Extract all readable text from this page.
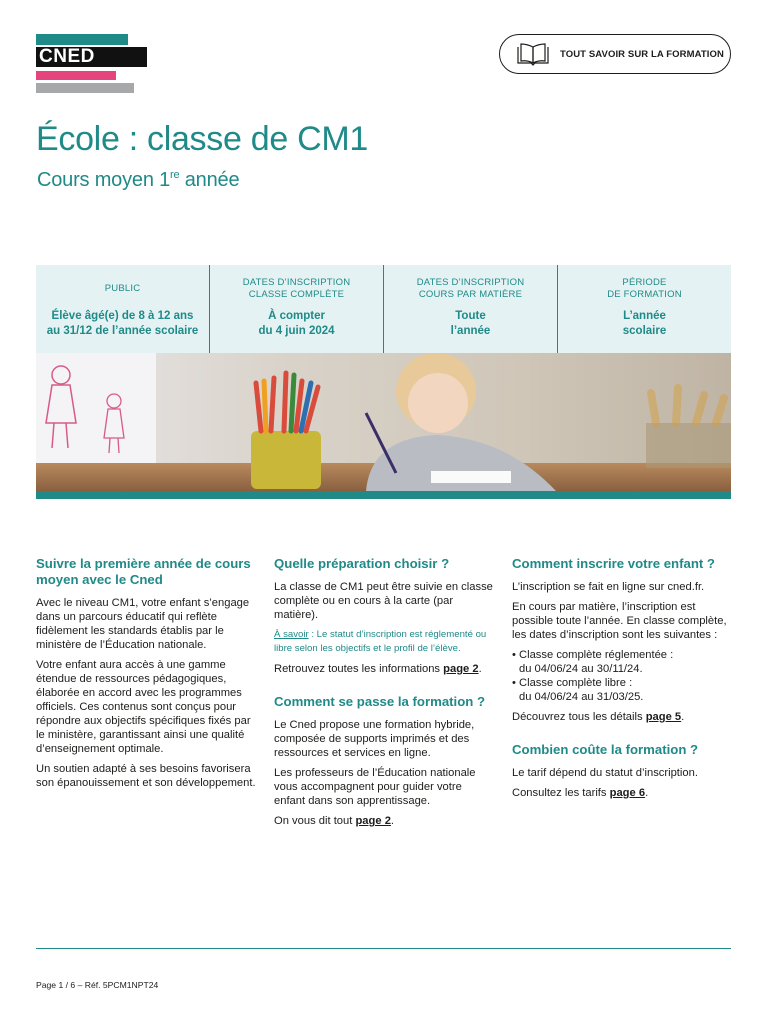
CNED	TOUT SAVOIR SUR LA FORMATION
École : classe de CM1
Cours moyen 1re année
PUBLIC
Élève âgé(e) de 8 à 12 ans
au 31/12 de l’année scolaire
DATES D’INSCRIPTION
CLASSE COMPLÈTE
À compter
du 4 juin 2024
DATES D’INSCRIPTION
COURS PAR MATIÈRE
Toute
l’année
PÉRIODE
DE FORMATION
L’année
scolaire
Suivre la première année de cours moyen avec le Cned

Avec le niveau CM1, votre enfant s’engage dans un parcours éducatif qui reflète fidèlement les standards établis par le ministère de l’Éducation nationale.

Votre enfant aura accès à une gamme étendue de ressources pédagogiques, élaborée en accord avec les programmes officiels. Ces contenus sont conçus pour répondre aux objectifs spécifiques fixés par le ministère, garantissant ainsi une qualité d’enseignement optimale.

Un soutien adapté à ses besoins favorisera son épanouissement et son développement.

Quelle préparation choisir ?

La classe de CM1 peut être suivie en classe complète ou en cours à la carte (par matière).

À savoir : Le statut d’inscription est réglementé ou libre selon les objectifs et le profil de l’élève.

Retrouvez toutes les informations page 2.

Comment se passe la formation ?

Le Cned propose une formation hybride, composée de supports imprimés et des ressources et services en ligne.

Les professeurs de l’Éducation nationale vous accompagnent pour guider votre enfant dans son apprentissage.

On vous dit tout page 2.

Comment inscrire votre enfant ?

L’inscription se fait en ligne sur cned.fr.

En cours par matière, l’inscription est possible toute l’année. En classe complète, les dates d’inscription sont les suivantes :

• Classe complète réglementée :
du 04/06/24 au 30/11/24.
• Classe complète libre :
du 04/06/24 au 31/03/25.

Découvrez tous les détails page 5.

Combien coûte la formation ?

Le tarif dépend du statut d’inscription.

Consultez les tarifs page 6.

Page 1 / 6 – Réf. 5PCM1NPT24
